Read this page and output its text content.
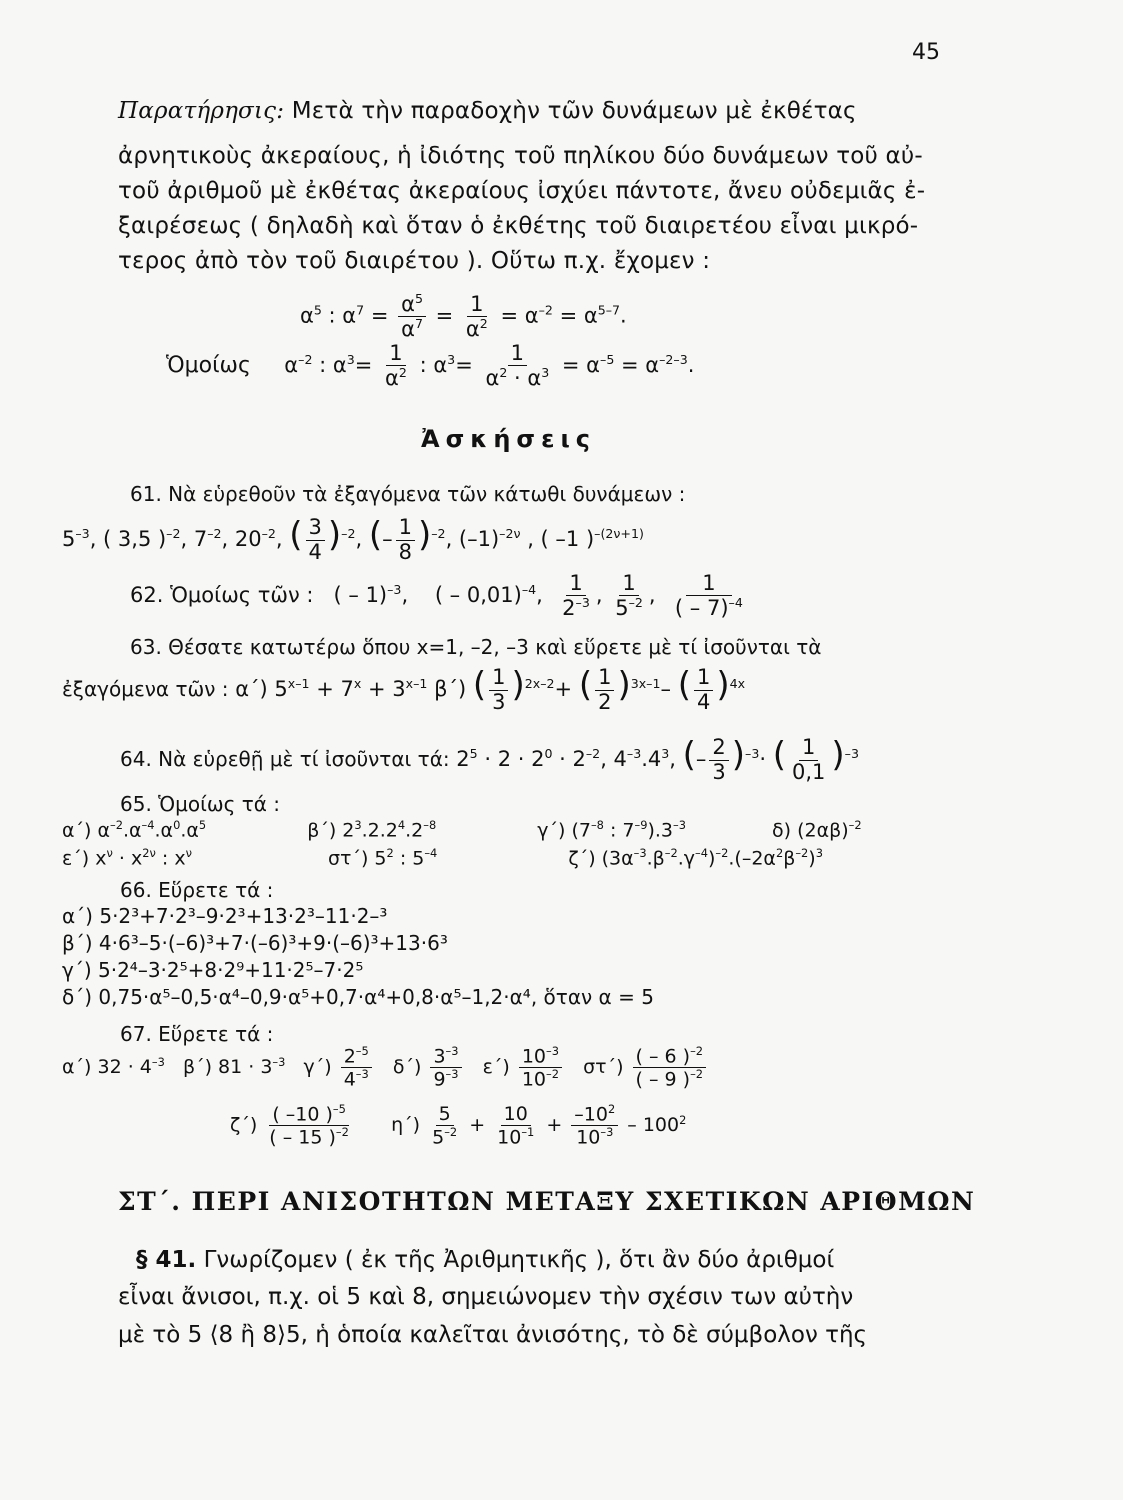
45
Παρατήρησις: Μετὰ τὴν παραδοχὴν τῶν δυνάμεων μὲ ἐκθέτας
ἀρνητικοὺς ἀκεραίους, ἡ ἰδιότης τοῦ πηλίκου δύο δυνάμεων τοῦ αὐ-
τοῦ ἀριθμοῦ μὲ ἐκθέτας ἀκεραίους ἰσχύει πάντοτε, ἄνευ οὐδεμιᾶς ἐ-
ξαιρέσεως ( δηλαδὴ καὶ ὅταν ὁ ἐκθέτης τοῦ διαιρετέου εἶναι μικρό-
τερος ἀπὸ τὸν τοῦ διαιρέτου ). Οὕτω π.χ. ἔχομεν :
$\alpha^5$ : $\alpha^7 = \frac{\alpha^5}{\alpha^7} = \frac{1}{\alpha^2} = \alpha^{-2} = \alpha^{5-7}$.
Ὁμοίως     $\alpha^{-2}$ : $\alpha^3= \frac{1}{\alpha^2}$ : $\alpha^3= \frac{1}{\alpha^2 \cdot \alpha^3} = \alpha^{-5} = \alpha^{-2-3}$.
Ἀσκήσεις
61. Νὰ εὑρεθοῦν τὰ ἐξαγόμενα τῶν κάτωθι δυνάμεων :
$5^{-3}$, ( 3,5 )$^{-2}$, $7^{-2}$, $20^{-2}$, ( $\frac{3}{4} )^{-2}$, (– $\frac{1}{8} )^{-2}$, $(-1)^{-2\nu}$ , ( –1 )$^{-(2\nu+1)}$
62. Ὁμοίως τῶν :   ( – 1)$^{-3}$,    ( – 0,01)$^{-4}$, $\frac{1}{2^{-3}}$ , $\frac{1}{5^{-2}}$ , $\frac{1}{( - 7)^{-4}}$
63. Θέσατε κατωτέρω ὅπου x=1, –2, –3 καὶ εὕρετε μὲ τί ἰσοῦνται τὰ
ἐξαγόμενα τῶν : α΄) $5^{x-1} + 7^x + 3^{x-1}$ β΄) ( $\frac{1}{3} )^{2x-2}+$ ( $\frac{1}{2} )^{3x-1}-$ ( $\frac{1}{4} )^{4x}$
64. Νὰ εὑρεθῇ μὲ τί ἰσοῦνται τά: $2^5 \cdot 2 \cdot 2^0 \cdot 2^{-2}$, $4^{-3}.4^3$, (– $\frac{2}{3} )^{-3}\cdot$ ( $\frac{1}{0,1} )^{-3}$
65. Ὁμοίως τά :
α΄) $\alpha^{-2}.\alpha^{-4}.\alpha^0.\alpha^5$	β΄) $2^3.2.2^4.2^{-8}$	γ΄) ($7^{-8}$ : $7^{-9}).3^{-3}$	δ) $(2\alpha\beta)^{-2}$
ε΄) $x^\nu \cdot x^{2\nu}$ : $x^\nu$	στ΄) $5^2$ : $5^{-4}$	ζ΄) $(3\alpha^{-3}.\beta^{-2}.\gamma^{-4})^{-2}.(-2\alpha^2\beta^{-2})^3$
66. Εὕρετε τά :
α΄) 5·2³+7·2³–9·2³+13·2³–11·2–³
β΄) 4·6³–5·(–6)³+7·(–6)³+9·(–6)³+13·6³
γ΄) 5·2⁴–3·2⁵+8·2⁹+11·2⁵–7·2⁵
δ΄) 0,75·α⁵–0,5·α⁴–0,9·α⁵+0,7·α⁴+0,8·α⁵–1,2·α⁴, ὅταν α = 5
67. Εὕρετε τά :
α΄) $32 \cdot 4^{-3}$   β΄) $81 \cdot 3^{-3}$   $\gamma΄) \frac{2^{-5}}{4^{-3}} \delta΄) \frac{3^{-3}}{9^{-3}} \varepsilon΄) \frac{10^{-3}}{10^{-2}} \sigma\tau΄) \frac{( - 6 )^{-2}}{( - 9 )^{-2}}$
$\zeta΄) \frac{( -10 )^{-5}}{( - 15 )^{-2}} \eta΄) \frac{5}{5^{-2}} + \frac{10}{10^{-1}} + \frac{-10^2}{10^{-3}} - 100^2$
ΣΤ΄. ΠΕΡΙ ΑΝΙΣΟΤΗΤΩΝ ΜΕΤΑΞΥ ΣΧΕΤΙΚΩΝ ΑΡΙΘΜΩΝ
§ 41. Γνωρίζομεν ( ἐκ τῆς Ἀριθμητικῆς ), ὅτι ἂν δύο ἀριθμοί
εἶναι ἄνισοι, π.χ. οἱ 5 καὶ 8, σημειώνομεν τὴν σχέσιν των αὐτὴν
μὲ τὸ 5 ⟨8 ἢ 8⟩5, ἡ ὁποία καλεῖται ἀνισότης, τὸ δὲ σύμβολον τῆς
